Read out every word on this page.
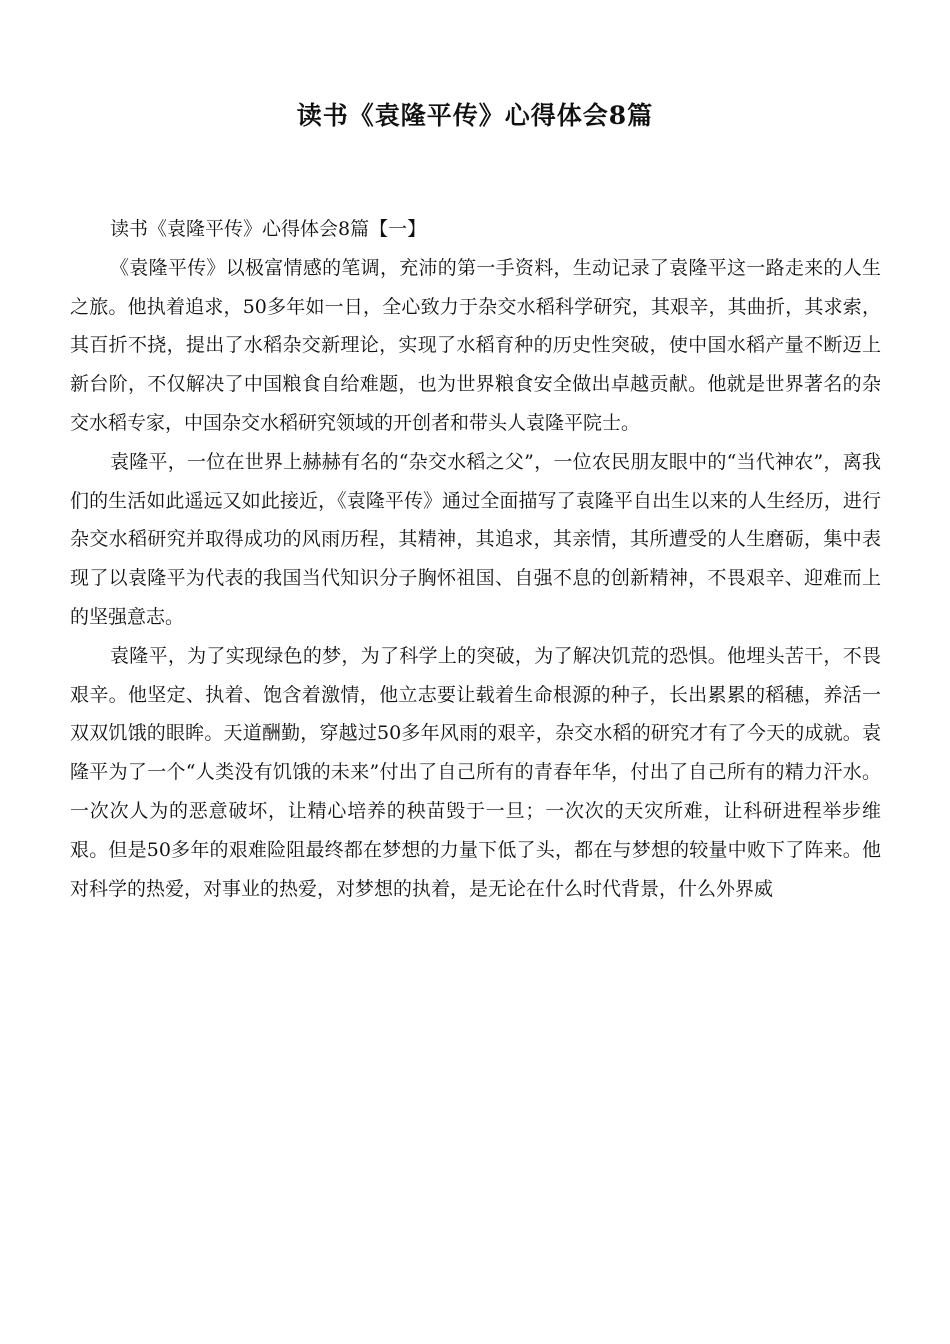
读书《袁隆平传》心得体会8篇

读书《袁隆平传》心得体会8篇【一】

《袁隆平传》以极富情感的笔调，充沛的第一手资料，生动记录了袁隆平这一路走来的人生之旅。他执着追求，50多年如一日，全心致力于杂交水稻科学研究，其艰辛，其曲折，其求索，其百折不挠，提出了水稻杂交新理论，实现了水稻育种的历史性突破，使中国水稻产量不断迈上新台阶，不仅解决了中国粮食自给难题，也为世界粮食安全做出卓越贡献。他就是世界著名的杂交水稻专家，中国杂交水稻研究领域的开创者和带头人袁隆平院士。

袁隆平，一位在世界上赫赫有名的“杂交水稻之父”，一位农民朋友眼中的“当代神农”，离我们的生活如此遥远又如此接近，《袁隆平传》通过全面描写了袁隆平自出生以来的人生经历，进行杂交水稻研究并取得成功的风雨历程，其精神，其追求，其亲情，其所遭受的人生磨砺，集中表现了以袁隆平为代表的我国当代知识分子胸怀祖国、自强不息的创新精神，不畏艰辛、迎难而上的坚强意志。

袁隆平，为了实现绿色的梦，为了科学上的突破，为了解决饥荒的恐惧。他埋头苦干，不畏艰辛。他坚定、执着、饱含着激情，他立志要让载着生命根源的种子，长出累累的稻穗，养活一双双饥饿的眼眸。天道酬勤，穿越过50多年风雨的艰辛，杂交水稻的研究才有了今天的成就。袁隆平为了一个“人类没有饥饿的未来”付出了自己所有的青春年华，付出了自己所有的精力汗水。一次次人为的恶意破坏，让精心培养的秧苗毁于一旦；一次次的天灾所难，让科研进程举步维艰。但是50多年的艰难险阻最终都在梦想的力量下低了头，都在与梦想的较量中败下了阵来。他对科学的热爱，对事业的热爱，对梦想的执着，是无论在什么时代背景，什么外界威
